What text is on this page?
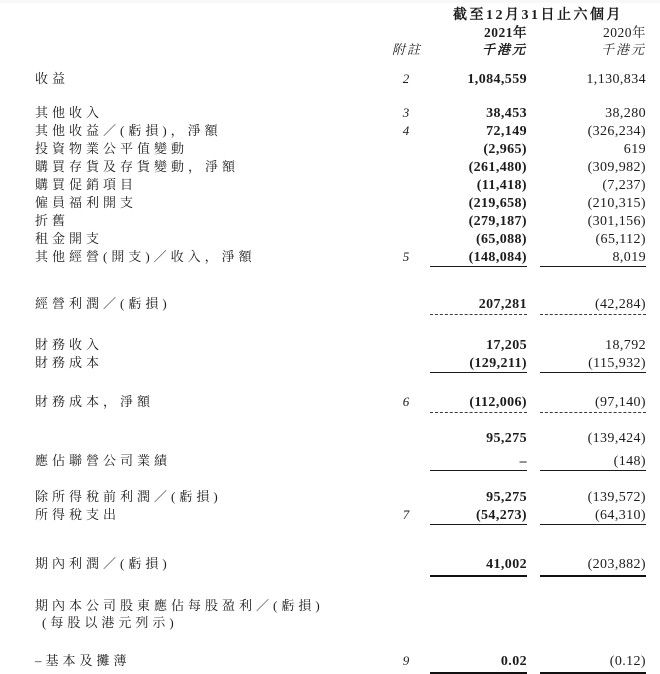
截至12月31日止六個月
2021年	2020年
附註	千港元	千港元
收益	2	1,084,559	1,130,834
其他收入	3	38,453	38,280
其他收益／(虧損)，淨額	4	72,149	(326,234)
投資物業公平值變動	(2,965)	619
購買存貨及存貨變動，淨額	(261,480)	(309,982)
購買促銷項目	(11,418)	(7,237)
僱員福利開支	(219,658)	(210,315)
折舊	(279,187)	(301,156)
租金開支	(65,088)	(65,112)
其他經營(開支)／收入，淨額	5	(148,084)	8,019
經營利潤／(虧損)	207,281	(42,284)
財務收入	17,205	18,792
財務成本	(129,211)	(115,932)
財務成本，淨額	6	(112,006)	(97,140)
95,275	(139,424)
應佔聯營公司業績	–	(148)
除所得稅前利潤／(虧損)	95,275	(139,572)
所得稅支出	7	(54,273)	(64,310)
期內利潤／(虧損)	41,002	(203,882)
期內本公司股東應佔每股盈利／(虧損)
(每股以港元列示)
–基本及攤薄	9	0.02	(0.12)
